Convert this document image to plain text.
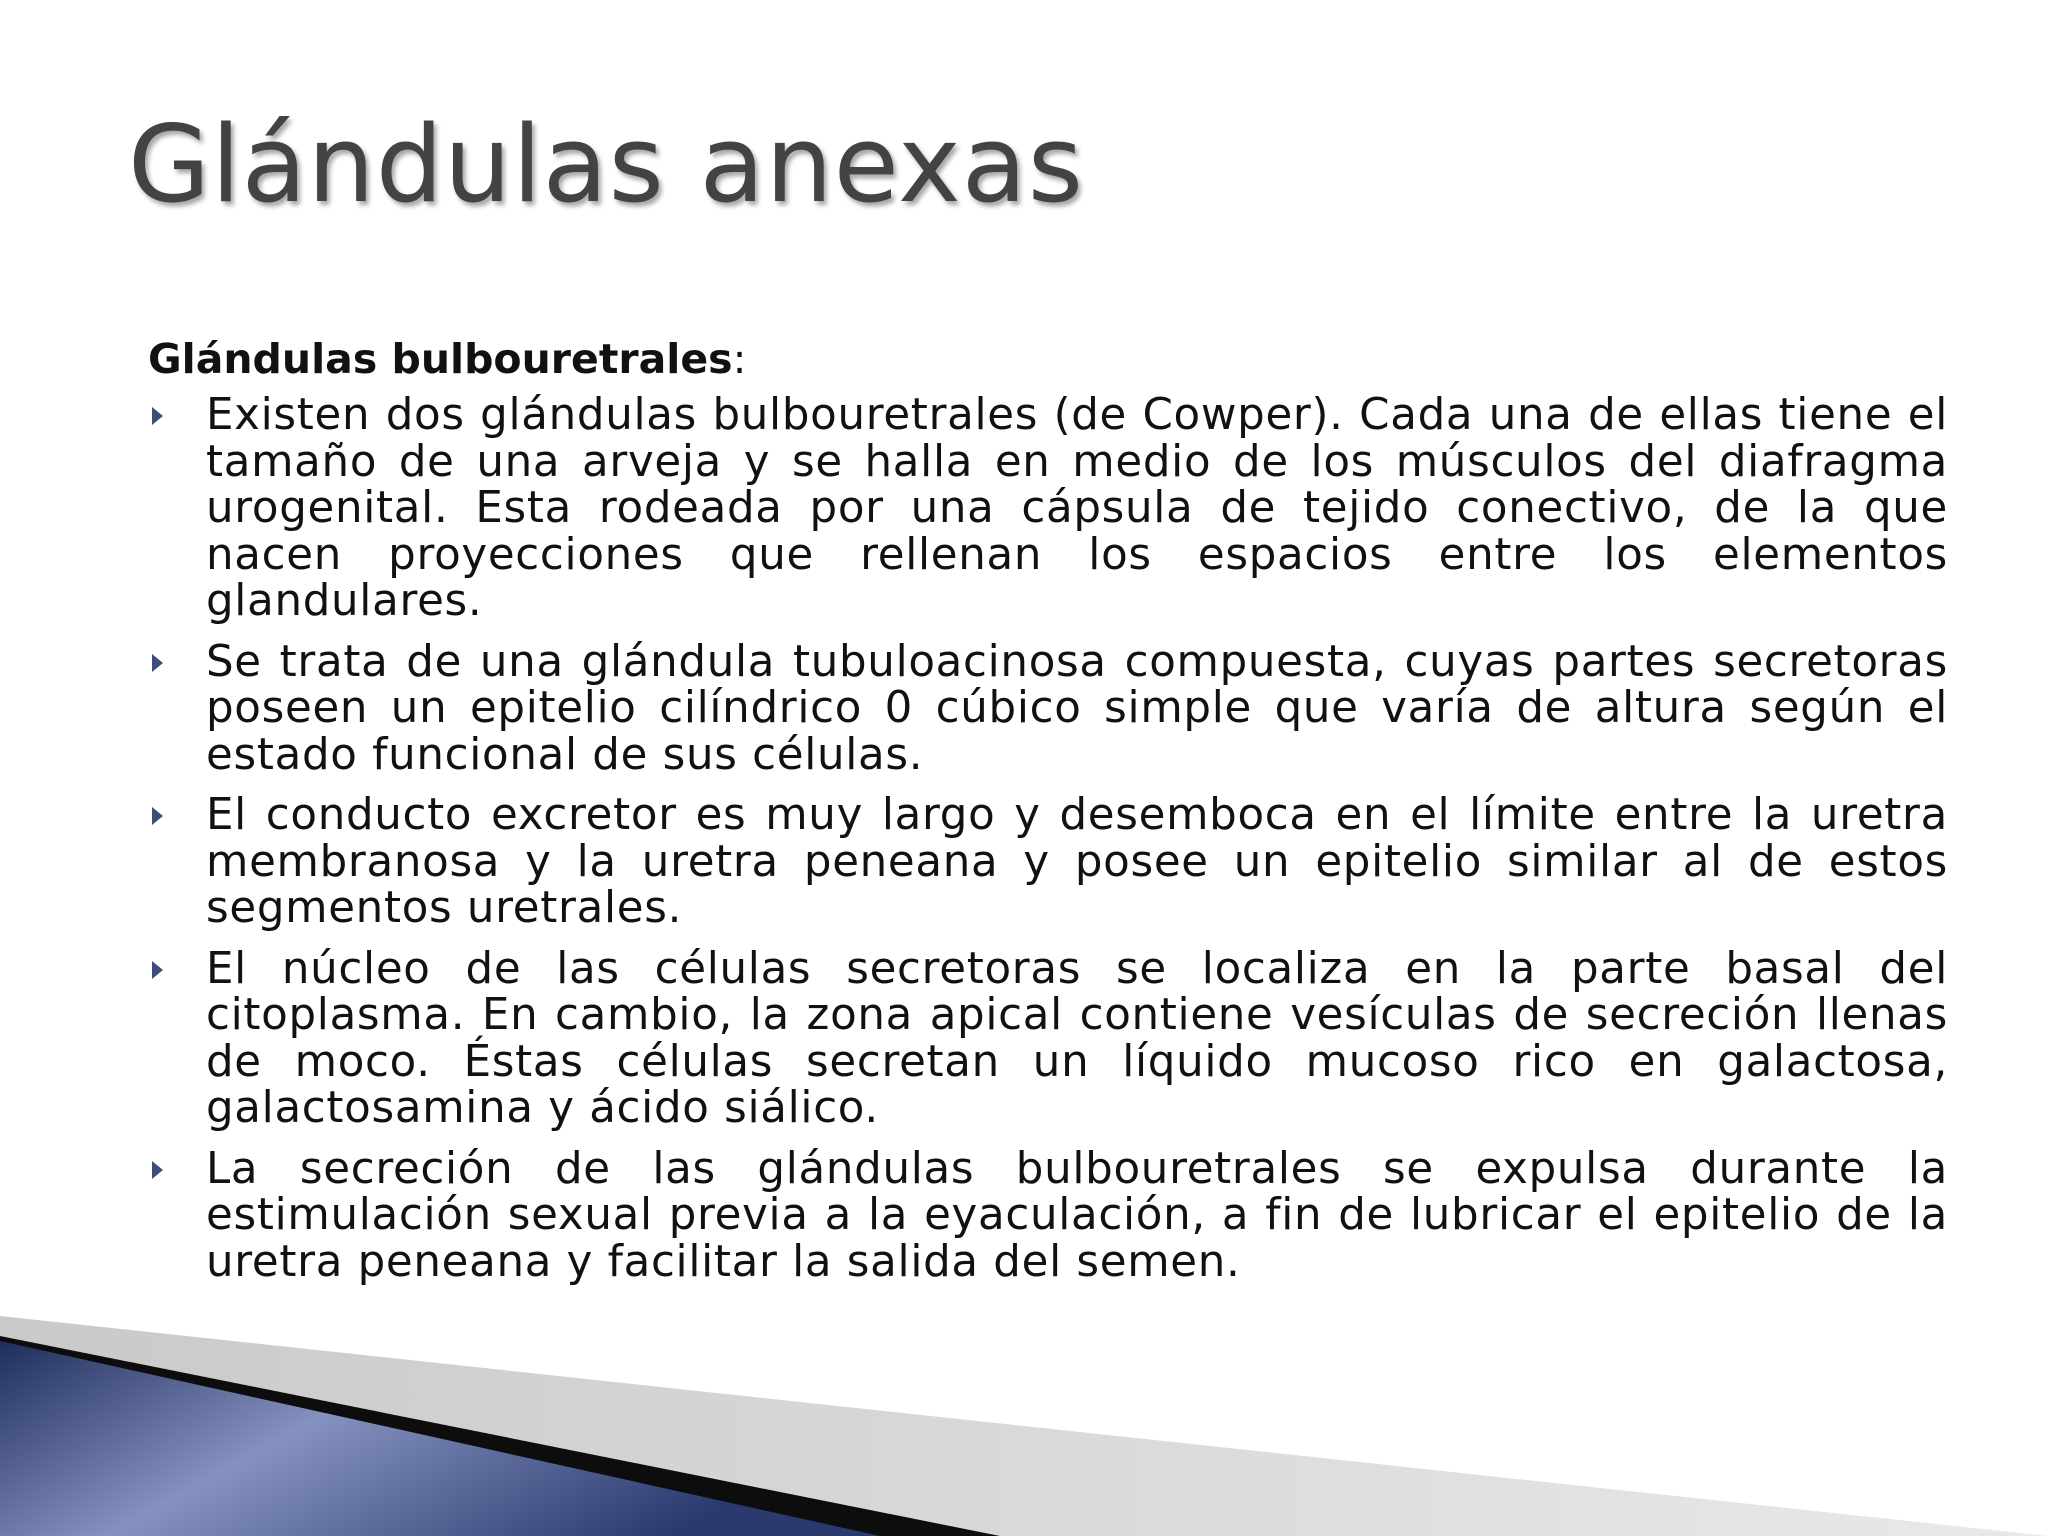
Glándulas anexas
Glándulas bulbouretrales:
Existen dos glándulas bulbouretrales (de Cowper). Cada una de ellas tiene el tamaño de una arveja y se halla en medio de los músculos del diafragma urogenital. Esta rodeada por una cápsula de tejido conectivo, de la que nacen proyecciones que rellenan los espacios entre los elementos glandulares.
Se trata de una glándula tubuloacinosa compuesta, cuyas partes secretoras poseen un epitelio cilíndrico 0 cúbico simple que varía de altura según el estado funcional de sus células.
El conducto excretor es muy largo y desemboca en el límite entre la uretra membranosa y la uretra peneana y posee un epitelio similar al de estos segmentos uretrales.
El núcleo de las células secretoras se localiza en la parte basal del citoplasma. En cambio, la zona apical contiene vesículas de secreción llenas de moco. Éstas células secretan un líquido mucoso rico en galactosa, galactosamina y ácido siálico.
La secreción de las glándulas bulbouretrales se expulsa durante la estimulación sexual previa a la eyaculación, a fin de lubricar el epitelio de la uretra peneana y facilitar la salida del semen.
